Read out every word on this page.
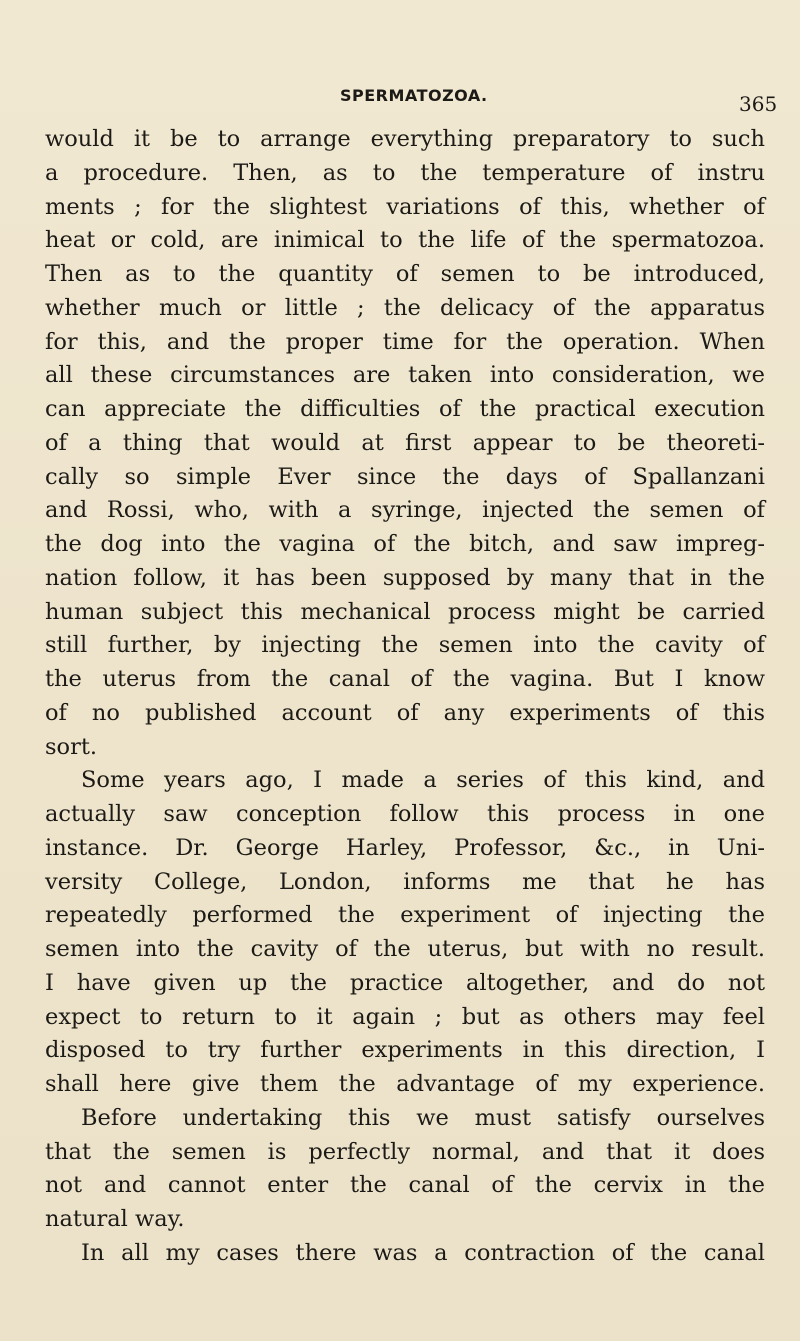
SPERMATOZOA.	365
would it be to arrange everything preparatory to such
a procedure. Then, as to the temperature of instru
ments ; for the slightest variations of this, whether of
heat or cold, are inimical to the life of the spermatozoa.
Then as to the quantity of semen to be introduced,
whether much or little ; the delicacy of the apparatus
for this, and the proper time for the operation. When
all these circumstances are taken into consideration, we
can appreciate the difficulties of the practical execution
of a thing that would at first appear to be theoreti-
cally so simple Ever since the days of Spallanzani
and Rossi, who, with a syringe, injected the semen of
the dog into the vagina of the bitch, and saw impreg-
nation follow, it has been supposed by many that in the
human subject this mechanical process might be carried
still further, by injecting the semen into the cavity of
the uterus from the canal of the vagina. But I know
of no published account of any experiments of this
sort.
Some years ago, I made a series of this kind, and
actually saw conception follow this process in one
instance. Dr. George Harley, Professor, &c., in Uni-
versity College, London, informs me that he has
repeatedly performed the experiment of injecting the
semen into the cavity of the uterus, but with no result.
I have given up the practice altogether, and do not
expect to return to it again ; but as others may feel
disposed to try further experiments in this direction, I
shall here give them the advantage of my experience.
Before undertaking this we must satisfy ourselves
that the semen is perfectly normal, and that it does
not and cannot enter the canal of the cervix in the
natural way.
In all my cases there was a contraction of the canal
